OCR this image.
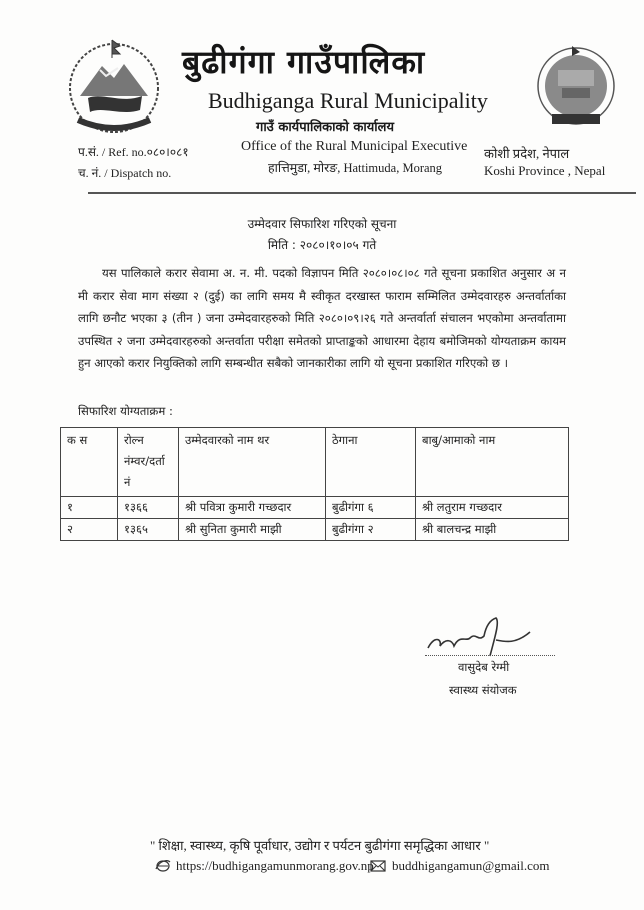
बुढीगंगा गाउँपालिका
Budhiganga Rural Municipality
गाउँ कार्यपालिकाको कार्यालय
Office of the Rural Municipal Executive
हात्तिमुडा, मोरङ, Hattimuda, Morang
प.सं. / Ref. no.०८०।०८१
च. नं. / Dispatch no.
कोशी प्रदेश, नेपाल
Koshi Province , Nepal
उम्मेदवार सिफारिश गरिएको सूचना
मिति : २०८०।१०।०५ गते
यस पालिकाले करार सेवामा अ. न. मी. पदको विज्ञापन मिति २०८०।०८।०८ गते सूचना प्रकाशित अनुसार अ न मी करार सेवा माग संख्या २ (दुई) का लागि समय मै स्वीकृत दरखास्त फाराम सम्मिलित उम्मेदवारहरु अन्तर्वार्ताका लागि छनौट भएका ३ (तीन ) जना उम्मेदवारहरुको मिति २०८०।०९।२६ गते अन्तर्वार्ता संचालन भएकोमा अन्तर्वातामा उपस्थित २ जना उम्मेदवारहरुको अन्तर्वाता परीक्षा समेतको प्राप्ताङ्कको आधारमा देहाय बमोजिमको योग्यताक्रम कायम हुन आएको करार नियुक्तिको लागि सम्बन्धीत सबैको जानकारीका लागि यो सूचना प्रकाशित गरिएको छ ।
सिफारिश योग्यताक्रम :
क स	रोल्न नंम्वर/दर्ता नं	उम्मेदवारको नाम थर	ठेगाना	बाबु/आमाको नाम
१	१३६६	श्री पवित्रा कुमारी गच्छदार	बुढीगंगा ६	श्री लतुराम गच्छदार
२	१३६५	श्री सुनिता कुमारी माझी	बुढीगंगा २	श्री बालचन्द्र माझी
वासुदेब रेग्मी
स्वास्थ्य संयोजक
" शिक्षा, स्वास्थ्य, कृषि पूर्वाधार, उद्योग र पर्यटन बुढीगंगा समृद्धिका आधार "
https://budhigangamunmorang.gov.np buddhigangamun@gmail.com
